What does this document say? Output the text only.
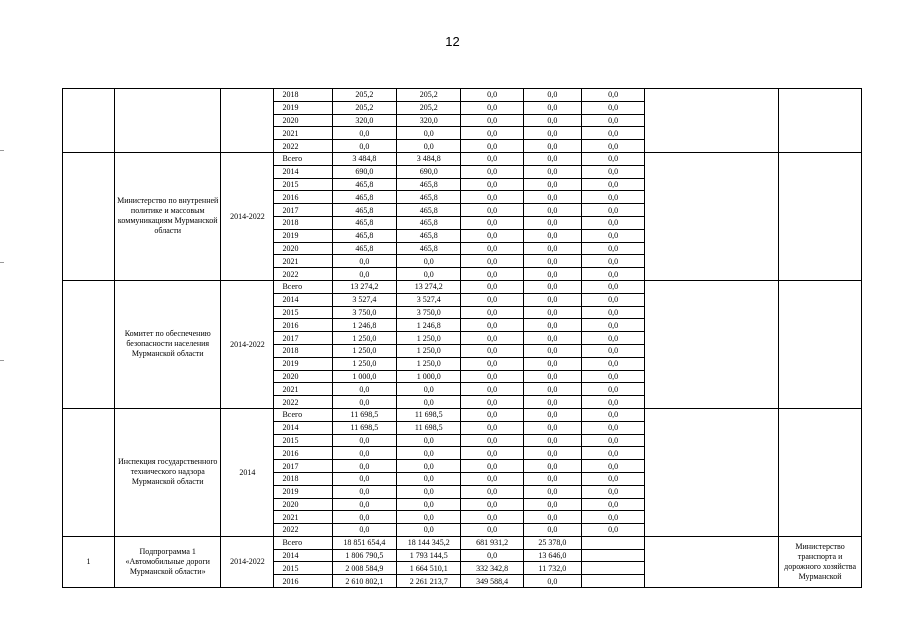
12
			2018	205,2	205,2	0,0	0,0	0,0		
			2019	205,2	205,2	0,0	0,0	0,0		
			2020	320,0	320,0	0,0	0,0	0,0		
			2021	0,0	0,0	0,0	0,0	0,0		
			2022	0,0	0,0	0,0	0,0	0,0		
	Министерство по внутренней политике и массовым коммуникациям Мурманской области	2014-2022	Всего	3 484,8	3 484,8	0,0	0,0	0,0		
			2014	690,0	690,0	0,0	0,0	0,0		
			2015	465,8	465,8	0,0	0,0	0,0		
			2016	465,8	465,8	0,0	0,0	0,0		
			2017	465,8	465,8	0,0	0,0	0,0		
			2018	465,8	465,8	0,0	0,0	0,0		
			2019	465,8	465,8	0,0	0,0	0,0		
			2020	465,8	465,8	0,0	0,0	0,0		
			2021	0,0	0,0	0,0	0,0	0,0		
			2022	0,0	0,0	0,0	0,0	0,0		
	Комитет по обеспечению безопасности населения Мурманской области	2014-2022	Всего	13 274,2	13 274,2	0,0	0,0	0,0		
			2014	3 527,4	3 527,4	0,0	0,0	0,0		
			2015	3 750,0	3 750,0	0,0	0,0	0,0		
			2016	1 246,8	1 246,8	0,0	0,0	0,0		
			2017	1 250,0	1 250,0	0,0	0,0	0,0		
			2018	1 250,0	1 250,0	0,0	0,0	0,0		
			2019	1 250,0	1 250,0	0,0	0,0	0,0		
			2020	1 000,0	1 000,0	0,0	0,0	0,0		
			2021	0,0	0,0	0,0	0,0	0,0		
			2022	0,0	0,0	0,0	0,0	0,0		
	Инспекция государственного технического надзора Мурманской области	2014	Всего	11 698,5	11 698,5	0,0	0,0	0,0		
			2014	11 698,5	11 698,5	0,0	0,0	0,0		
			2015	0,0	0,0	0,0	0,0	0,0		
			2016	0,0	0,0	0,0	0,0	0,0		
			2017	0,0	0,0	0,0	0,0	0,0		
			2018	0,0	0,0	0,0	0,0	0,0		
			2019	0,0	0,0	0,0	0,0	0,0		
			2020	0,0	0,0	0,0	0,0	0,0		
			2021	0,0	0,0	0,0	0,0	0,0		
			2022	0,0	0,0	0,0	0,0	0,0		
1	Подпрограмма 1 «Автомобильные дороги Мурманской области»	2014-2022	Всего	18 851 654,4	18 144 345,2	681 931,2	25 378,0			Министерство транспорта и дорожного хозяйства Мурманской
			2014	1 806 790,5	1 793 144,5	0,0	13 646,0			
			2015	2 008 584,9	1 664 510,1	332 342,8	11 732,0			
			2016	2 610 802,1	2 261 213,7	349 588,4	0,0			
